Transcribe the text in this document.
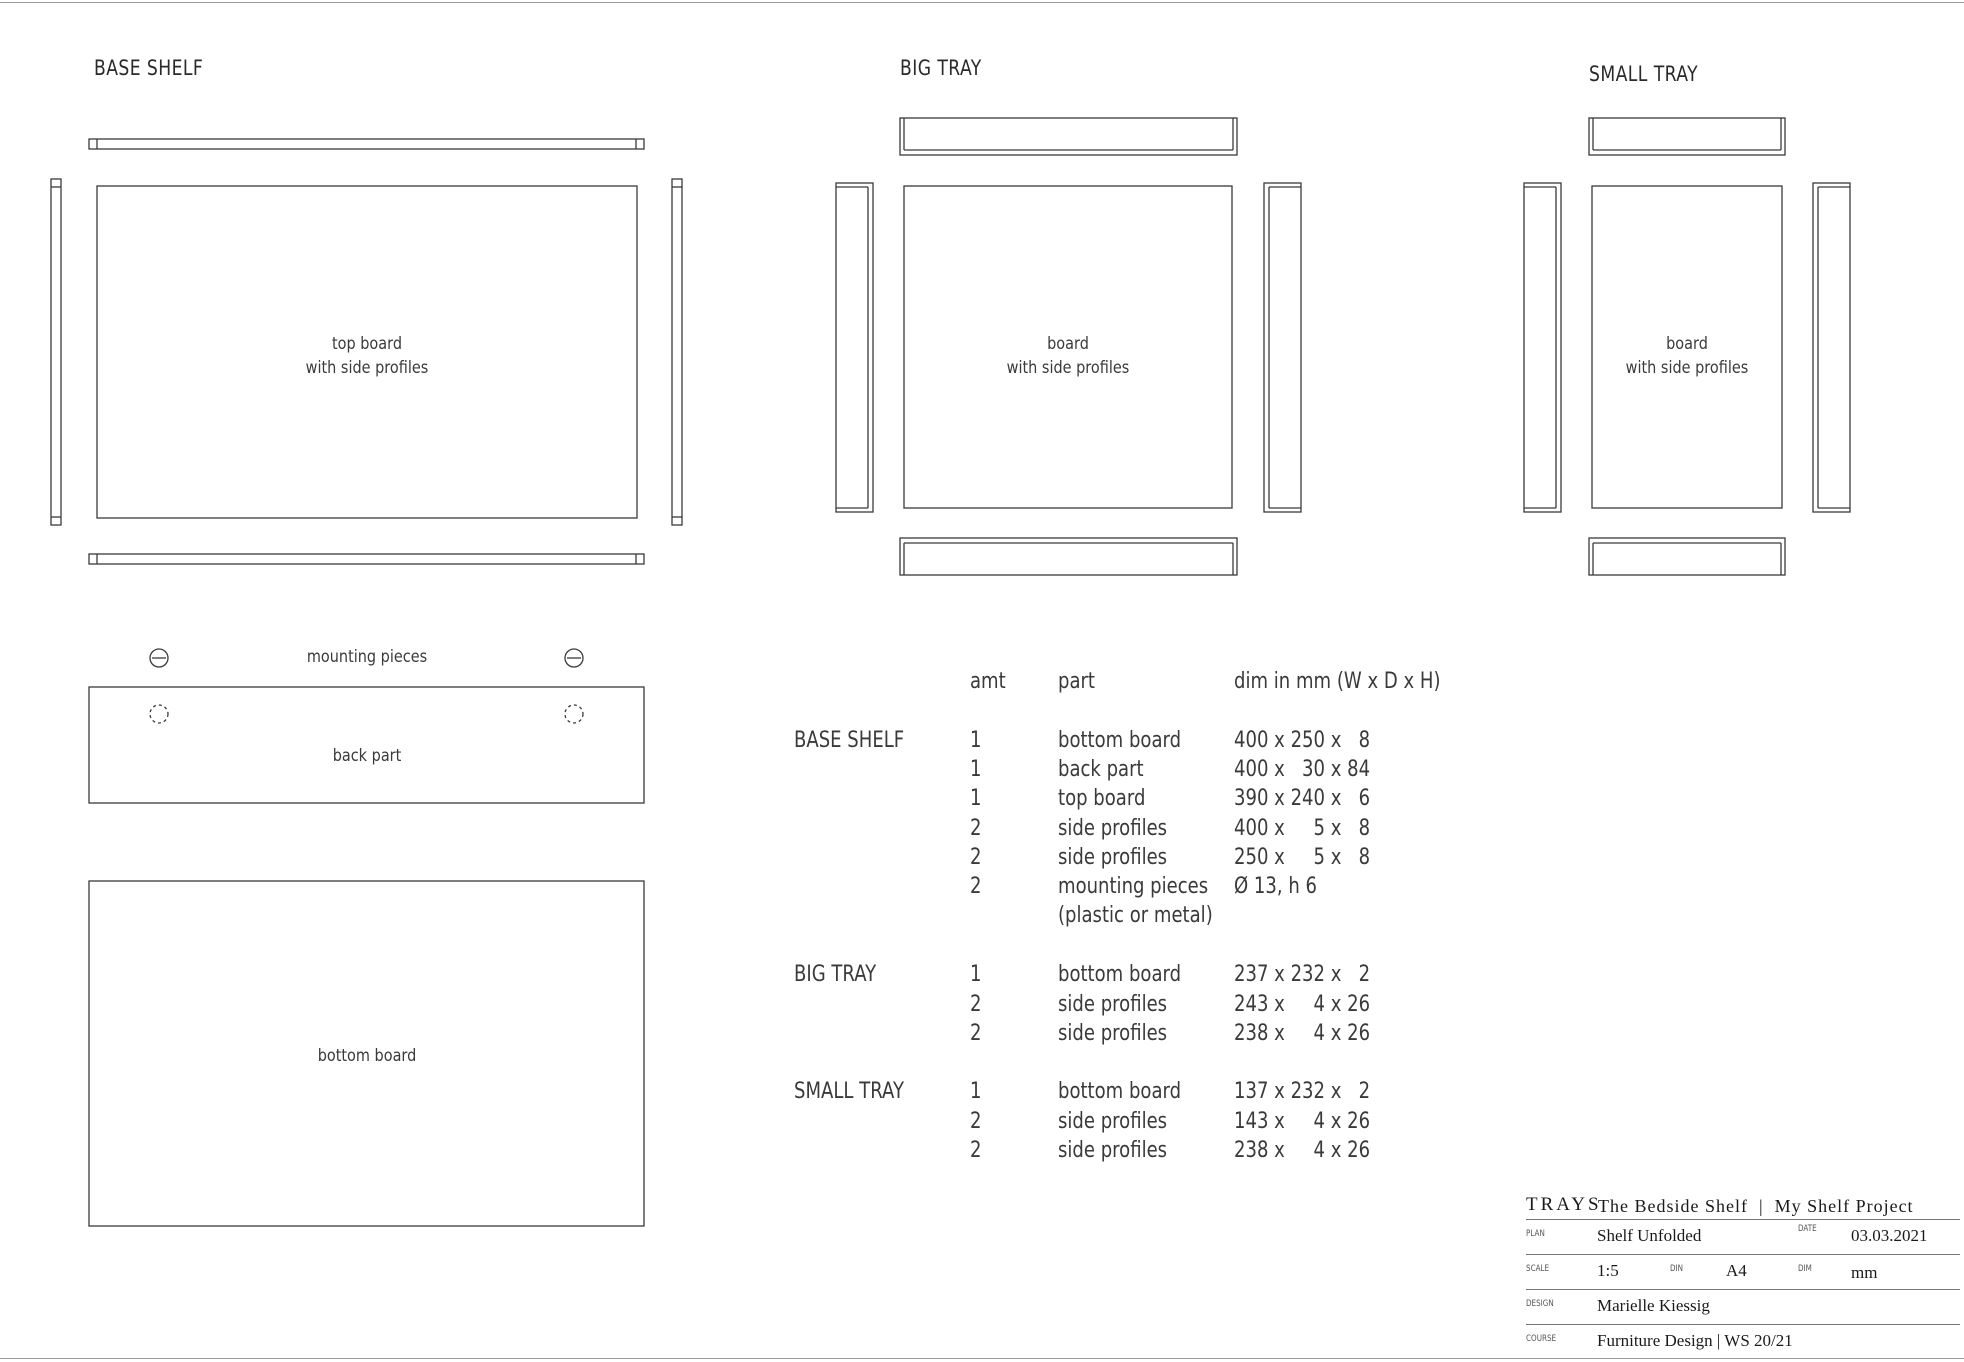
BASE SHELF	BIG TRAY	SMALL TRAY
top board
with side profiles
board
with side profiles
board
with side profiles
mounting pieces
back part
bottom board
amt part	dim in mm (W x D x H)
BASE SHELF	1	bottom board 400 x 250 x   8
1	back part	400 x   30 x 84
1	top board	390 x 240 x   6
2	side profiles	400 x     5 x   8
2	side profiles	250 x     5 x   8
2	mounting pieces Ø 13, h 6
(plastic or metal)
BIG TRAY	1	bottom board 237 x 232 x   2
2	side profiles	243 x     4 x 26
2	side profiles	238 x     4 x 26
SMALL TRAY	1	bottom board 137 x 232 x   2
2	side profiles	143 x     4 x 26
2	side profiles	238 x     4 x 26
TRAYS
The Bedside Shelf  |  My Shelf Project
PLAN	Shelf Unfolded	DATE 03.03.2021
SCALE	1:5	DIN	A4	DIM mm
DESIGN	Marielle Kiessig
COURSE Furniture Design | WS 20/21
